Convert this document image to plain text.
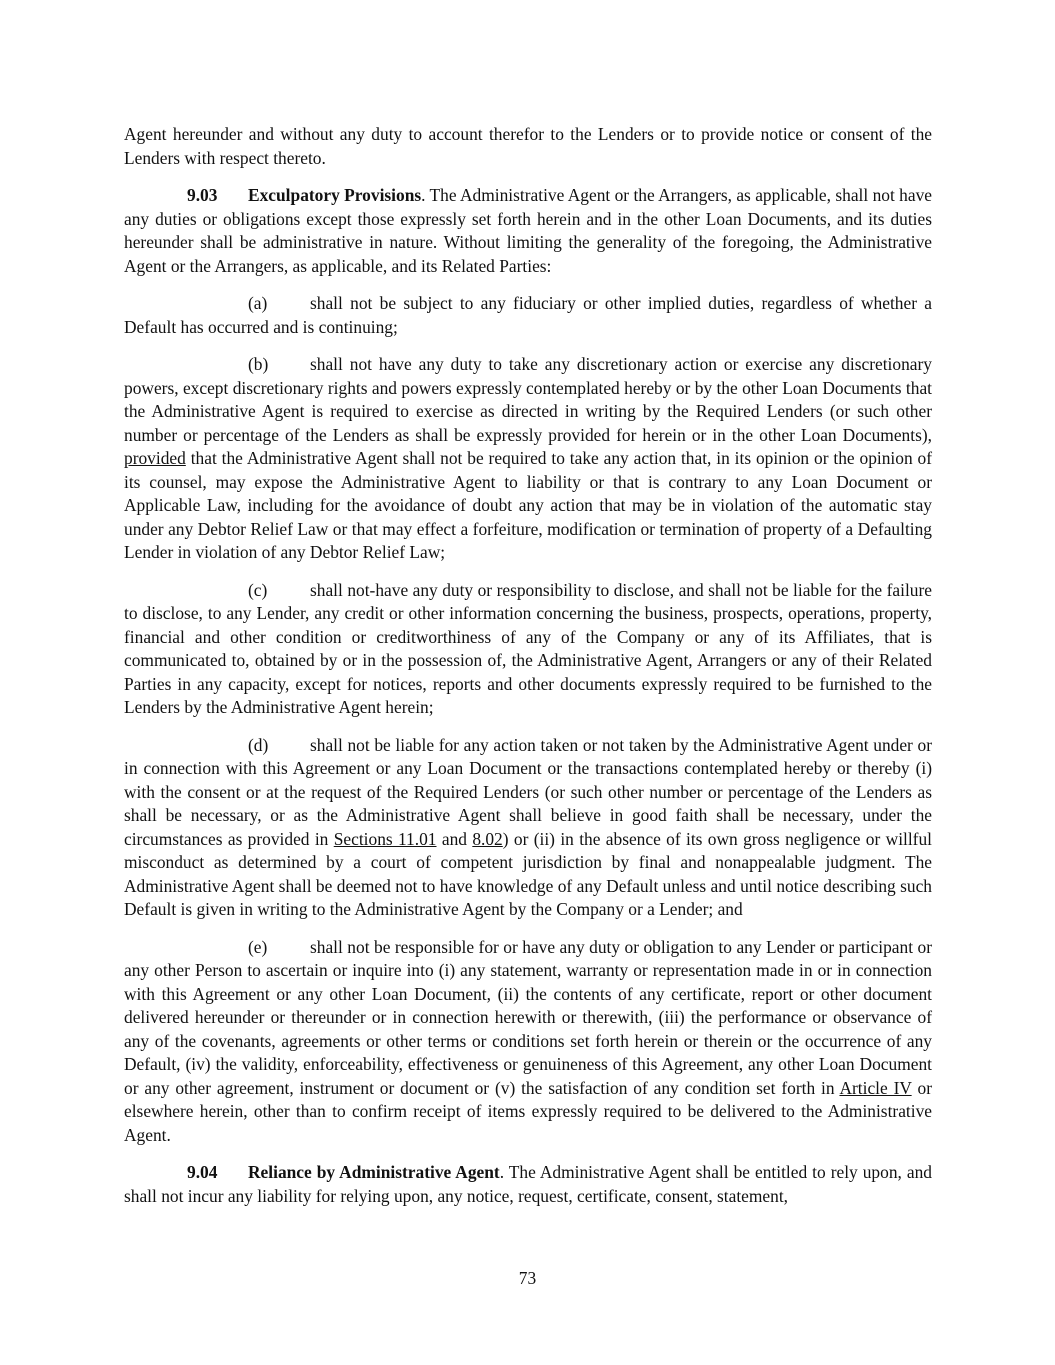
Agent hereunder and without any duty to account therefor to the Lenders or to provide notice or consent of the Lenders with respect thereto.

9.03 Exculpatory Provisions. The Administrative Agent or the Arrangers, as applicable, shall not have any duties or obligations except those expressly set forth herein and in the other Loan Documents, and its duties hereunder shall be administrative in nature. Without limiting the generality of the foregoing, the Administrative Agent or the Arrangers, as applicable, and its Related Parties:

(a) shall not be subject to any fiduciary or other implied duties, regardless of whether a Default has occurred and is continuing;

(b) shall not have any duty to take any discretionary action or exercise any discretionary powers, except discretionary rights and powers expressly contemplated hereby or by the other Loan Documents that the Administrative Agent is required to exercise as directed in writing by the Required Lenders (or such other number or percentage of the Lenders as shall be expressly provided for herein or in the other Loan Documents), provided that the Administrative Agent shall not be required to take any action that, in its opinion or the opinion of its counsel, may expose the Administrative Agent to liability or that is contrary to any Loan Document or Applicable Law, including for the avoidance of doubt any action that may be in violation of the automatic stay under any Debtor Relief Law or that may effect a forfeiture, modification or termination of property of a Defaulting Lender in violation of any Debtor Relief Law;

(c) shall not-have any duty or responsibility to disclose, and shall not be liable for the failure to disclose, to any Lender, any credit or other information concerning the business, prospects, operations, property, financial and other condition or creditworthiness of any of the Company or any of its Affiliates, that is communicated to, obtained by or in the possession of, the Administrative Agent, Arrangers or any of their Related Parties in any capacity, except for notices, reports and other documents expressly required to be furnished to the Lenders by the Administrative Agent herein;

(d) shall not be liable for any action taken or not taken by the Administrative Agent under or in connection with this Agreement or any Loan Document or the transactions contemplated hereby or thereby (i) with the consent or at the request of the Required Lenders (or such other number or percentage of the Lenders as shall be necessary, or as the Administrative Agent shall believe in good faith shall be necessary, under the circumstances as provided in Sections 11.01 and 8.02) or (ii) in the absence of its own gross negligence or willful misconduct as determined by a court of competent jurisdiction by final and nonappealable judgment. The Administrative Agent shall be deemed not to have knowledge of any Default unless and until notice describing such Default is given in writing to the Administrative Agent by the Company or a Lender; and

(e) shall not be responsible for or have any duty or obligation to any Lender or participant or any other Person to ascertain or inquire into (i) any statement, warranty or representation made in or in connection with this Agreement or any other Loan Document, (ii) the contents of any certificate, report or other document delivered hereunder or thereunder or in connection herewith or therewith, (iii) the performance or observance of any of the covenants, agreements or other terms or conditions set forth herein or therein or the occurrence of any Default, (iv) the validity, enforceability, effectiveness or genuineness of this Agreement, any other Loan Document or any other agreement, instrument or document or (v) the satisfaction of any condition set forth in Article IV or elsewhere herein, other than to confirm receipt of items expressly required to be delivered to the Administrative Agent.

9.04 Reliance by Administrative Agent. The Administrative Agent shall be entitled to rely upon, and shall not incur any liability for relying upon, any notice, request, certificate, consent, statement,

73
